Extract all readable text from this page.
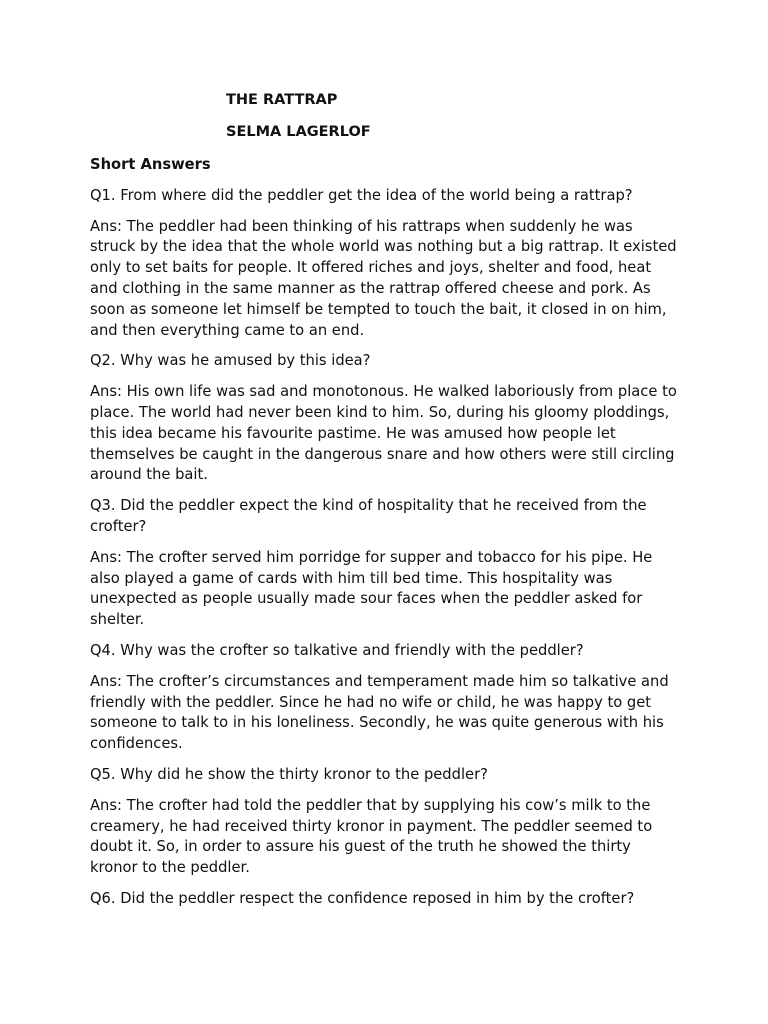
THE RATTRAP

SELMA LAGERLOF

Short Answers

Q1. From where did the peddler get the idea of the world being a rattrap?

Ans: The peddler had been thinking of his rattraps when suddenly he was struck by the idea that the whole world was nothing but a big rattrap. It existed only to set baits for people. It offered riches and joys, shelter and food, heat and clothing in the same manner as the rattrap offered cheese and pork. As soon as someone let himself be tempted to touch the bait, it closed in on him, and then everything came to an end.

Q2. Why was he amused by this idea?

Ans: His own life was sad and monotonous. He walked laboriously from place to place. The world had never been kind to him. So, during his gloomy ploddings, this idea became his favourite pastime. He was amused how people let themselves be caught in the dangerous snare and how others were still circling around the bait.

Q3. Did the peddler expect the kind of hospitality that he received from the crofter?

Ans: The crofter served him porridge for supper and tobacco for his pipe. He also played a game of cards with him till bed time. This hospitality was unexpected as people usually made sour faces when the peddler asked for shelter.

Q4. Why was the crofter so talkative and friendly with the peddler?

Ans: The crofter’s circumstances and temperament made him so talkative and friendly with the peddler. Since he had no wife or child, he was happy to get someone to talk to in his loneliness. Secondly, he was quite generous with his confidences.

Q5. Why did he show the thirty kronor to the peddler?

Ans: The crofter had told the peddler that by supplying his cow’s milk to the creamery, he had received thirty kronor in payment. The peddler seemed to doubt it. So, in order to assure his guest of the truth he showed the thirty kronor to the peddler.

Q6. Did the peddler respect the confidence reposed in him by the crofter?
